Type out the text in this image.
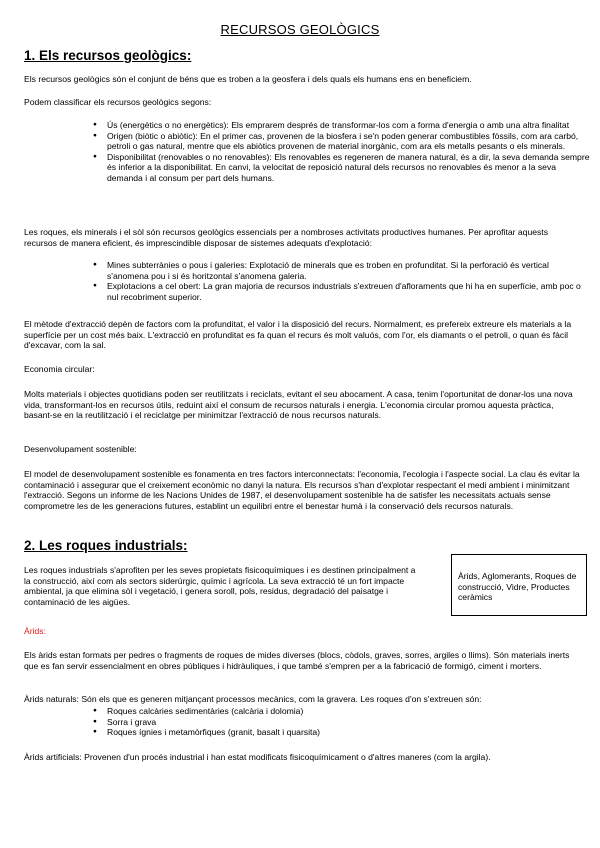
RECURSOS GEOLÒGICS
1. Els recursos geològics:

Els recursos geològics són el conjunt de béns que es troben a la geosfera i dels quals els humans ens en beneficiem.

Podem classificar els recursos geològics segons:

● Ús (energètics o no energètics): Els emprarem després de transformar-los com a forma d'energia o amb una altra finalitat
● Origen (biòtic o abiòtic): En el primer cas, provenen de la biosfera i se'n poden generar combustibles fòssils, com ara carbó, petroli o gas natural, mentre que els abiòtics provenen de material inorgànic, com ara els metalls pesants o els minerals.
● Disponibilitat (renovables o no renovables): Els renovables es regeneren de manera natural, és a dir, la seva demanda sempre és inferior a la disponibilitat. En canvi, la velocitat de reposició natural dels recursos no renovables és menor a la seva demanda i al consum per part dels humans.

Les roques, els minerals i el sòl són recursos geològics essencials per a nombroses activitats productives humanes. Per aprofitar aquests recursos de manera eficient, és imprescindible disposar de sistemes adequats d'explotació:

● Mines subterrànies o pous i galeries: Explotació de minerals que es troben en profunditat. Si la perforació és vertical s'anomena pou i si és horitzontal s'anomena galeria.
● Explotacions a cel obert: La gran majoria de recursos industrials s'extreuen d'afloraments que hi ha en superfície, amb poc o nul recobriment superior.

El mètode d'extracció depèn de factors com la profunditat, el valor i la disposició del recurs. Normalment, es prefereix extreure els materials a la superfície per un cost més baix. L'extracció en profunditat es fa quan el recurs és molt valuós, com l'or, els diamants o el petroli, o quan és fàcil d'excavar, com la sal.

Economia circular:

Molts materials i objectes quotidians poden ser reutilitzats i reciclats, evitant el seu abocament. A casa, tenim l'oportunitat de donar-los una nova vida, transformant-los en recursos útils, reduint així el consum de recursos naturals i energia. L'economia circular promou aquesta pràctica, basant-se en la reutilització i el reciclatge per minimitzar l'extracció de nous recursos naturals.

Desenvolupament sostenible:

El model de desenvolupament sostenible es fonamenta en tres factors interconnectats: l'economia, l'ecologia i l'aspecte social. La clau és evitar la contaminació i assegurar que el creixement econòmic no danyi la natura. Els recursos s'han d'explotar respectant el medi ambient i minimitzant l'extracció. Segons un informe de les Nacions Unides de 1987, el desenvolupament sostenible ha de satisfer les necessitats actuals sense comprometre les de les generacions futures, establint un equilibri entre el benestar humà i la conservació dels recursos naturals.

2. Les roques industrials:

Les roques industrials s'aprofiten per les seves propietats fisicoquímiques i es destinen principalment a la construcció, així com als sectors siderúrgic, químic i agrícola. La seva extracció té un fort impacte ambiental, ja que elimina sòl i vegetació, i genera soroll, pols, residus, degradació del paisatge i contaminació de les aigües.

Àrids, Aglomerants, Roques de construcció, Vidre, Productes ceràmics
Àrids:

Els àrids estan formats per pedres o fragments de roques de mides diverses (blocs, còdols, graves, sorres, argiles o llims). Són materials inerts que es fan servir essencialment en obres públiques i hidràuliques, i que també s'empren per a la fabricació de formigó, ciment i morters.

Àrids naturals: Són els que es generen mitjançant processos mecànics, com la gravera. Les roques d'on s'extreuen són:

● Roques calcàries sedimentàries (calcària i dolomia)
● Sorra i grava
● Roques ígnies i metamòrfiques (granit, basalt i quarsita)

Àrids artificials: Provenen d'un procés industrial i han estat modificats fisicoquímicament o d'altres maneres (com la argila).
